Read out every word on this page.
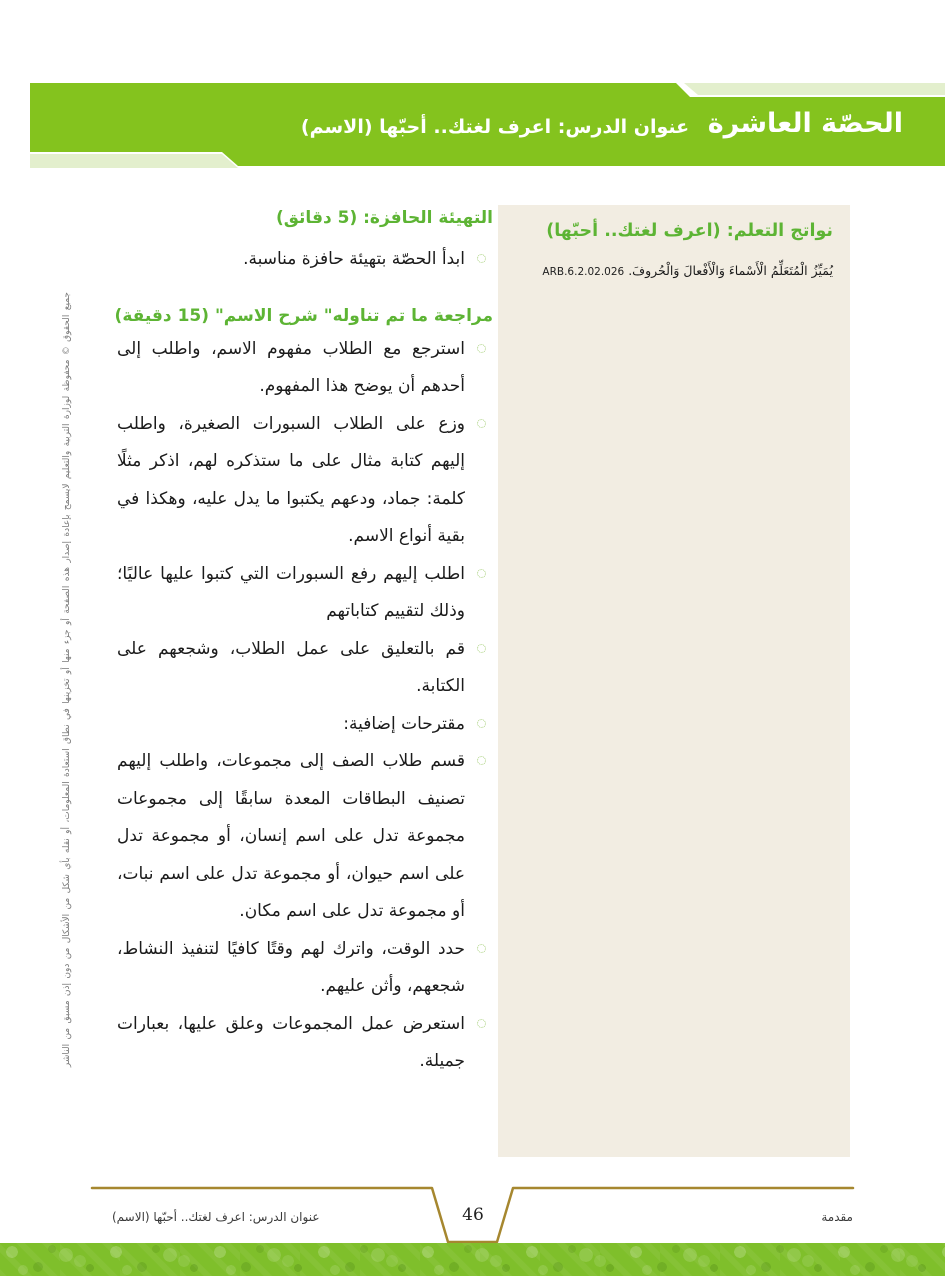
الحصّة العاشرة
عنوان الدرس: اعرف لغتك.. أحبّها (الاسم)
نواتج التعلم: (اعرف لغتك.. أحبّها)
يُمَيِّزُ الْمُتَعَلِّمُ الْأَسْماءَ وَالْأَفْعالَ وَالْحُروفَ. ARB.6.2.02.026
التهيئة الحافزة: (5 دقائق)
ابدأ الحصّة بتهيئة حافزة مناسبة.
مراجعة ما تم تناوله" شرح الاسم" (15 دقيقة)
استرجع مع الطلاب مفهوم الاسم، واطلب إلى أحدهم أن يوضح هذا المفهوم.
وزع على الطلاب السبورات الصغيرة، واطلب إليهم كتابة مثال على ما ستذكره لهم، اذكر مثلًا كلمة: جماد، ودعهم يكتبوا ما يدل عليه، وهكذا في بقية أنواع الاسم.
اطلب إليهم رفع السبورات التي كتبوا عليها عاليًا؛ وذلك لتقييم كتاباتهم
قم بالتعليق على عمل الطلاب، وشجعهم على الكتابة.
مقترحات إضافية:
قسم طلاب الصف إلى مجموعات، واطلب إليهم تصنيف البطاقات المعدة سابقًا إلى مجموعات مجموعة تدل على اسم إنسان، أو مجموعة تدل على اسم حيوان، أو مجموعة تدل على اسم نبات، أو مجموعة تدل على اسم مكان.
حدد الوقت، واترك لهم وقتًا كافيًا لتنفيذ النشاط، شجعهم، وأثن عليهم.
استعرض عمل المجموعات وعلق عليها، بعبارات جميلة.
جميع الحقوق © محفوظة لوزارة التربية والتعليم لايسمح بإعادة إصدار هذه الصفحة أو جزء منها أو تخزينها في نطاق استعادة المعلومات، أو نقله بأي شكل من الأشكال من دون إذن مسبق من الناشر
46
عنوان الدرس: اعرف لغتك.. أحبّها (الاسم)	مقدمة
